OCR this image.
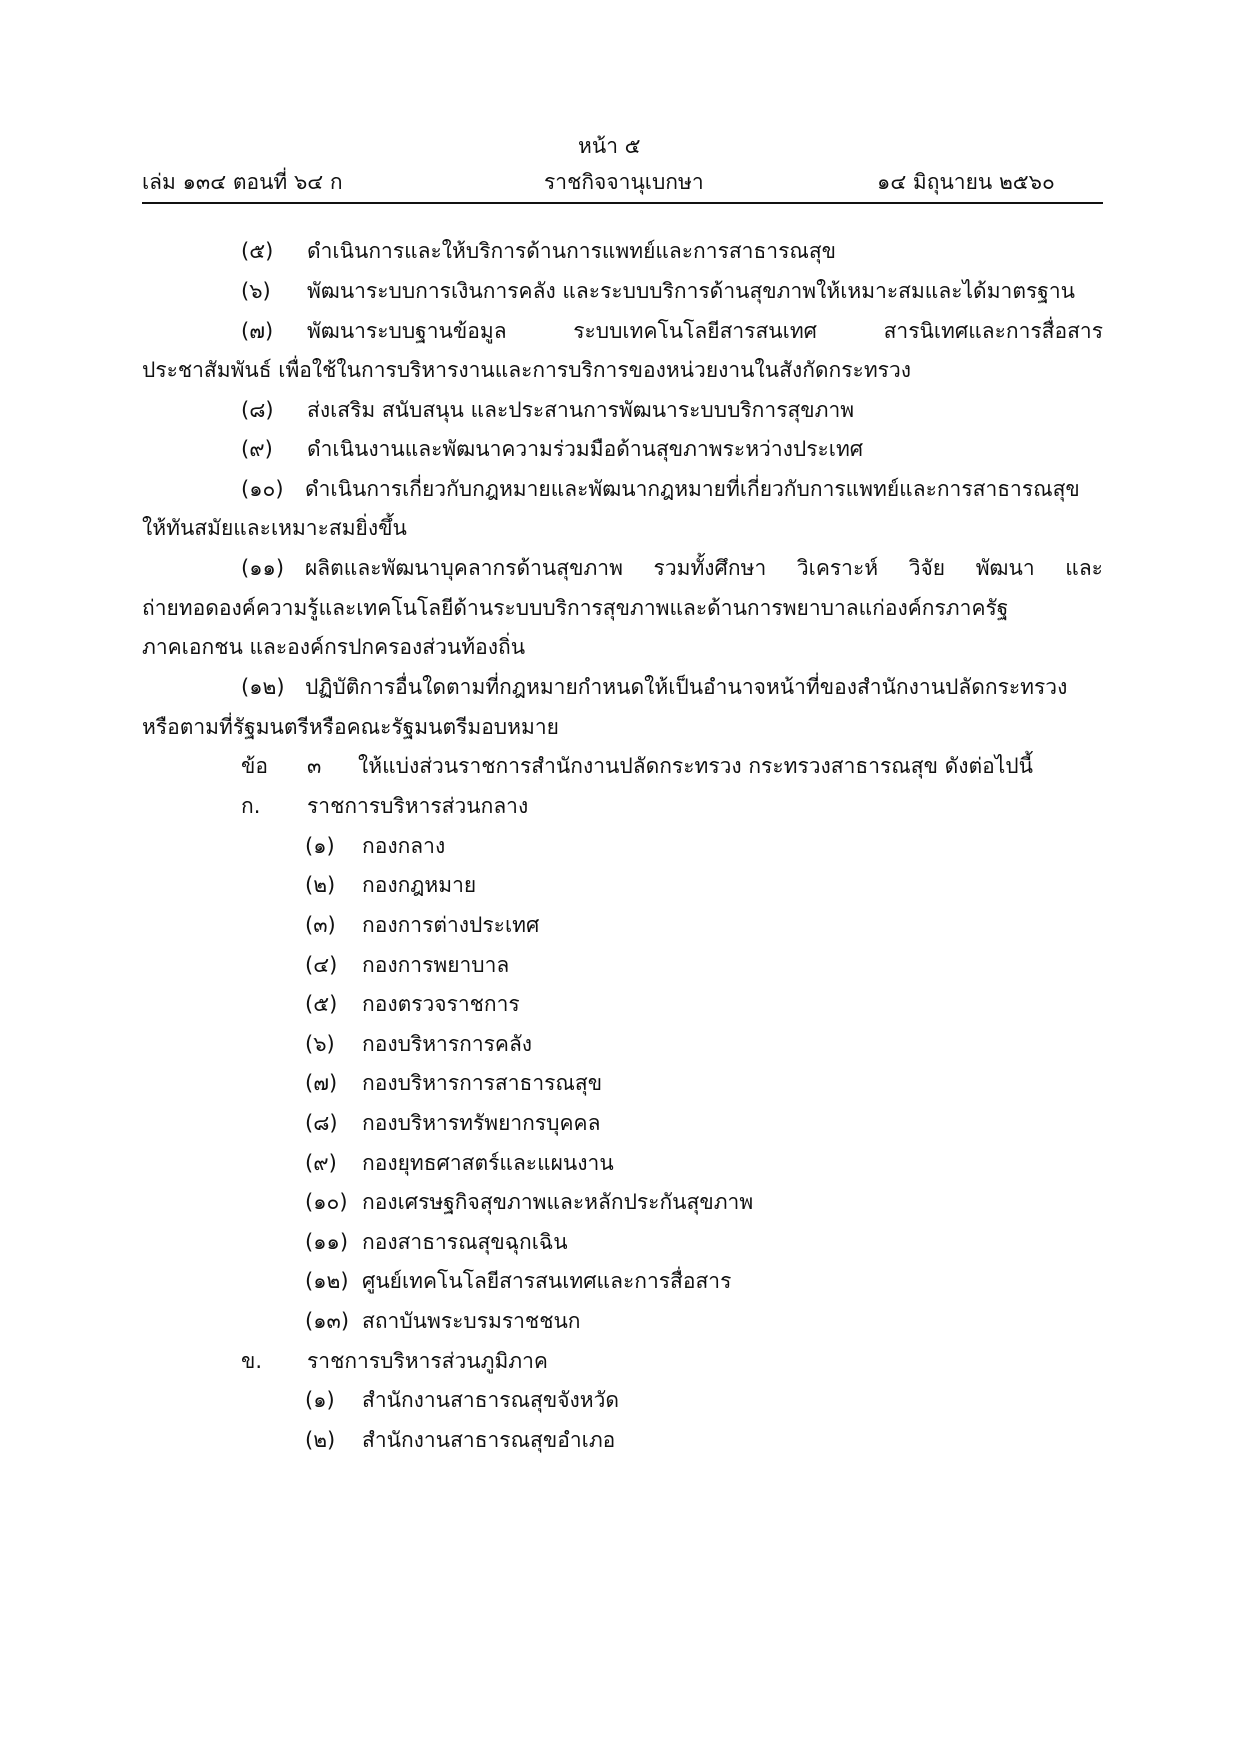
หน้า ๕
เล่ม ๑๓๔ ตอนที่ ๖๔ ก	ราชกิจจานุเบกษา	๑๔ มิถุนายน ๒๕๖๐
(๕) ดำเนินการและให้บริการด้านการแพทย์และการสาธารณสุข
(๖) พัฒนาระบบการเงินการคลัง และระบบบริการด้านสุขภาพให้เหมาะสมและได้มาตรฐาน
(๗) พัฒนาระบบฐานข้อมูล	ระบบเทคโนโลยีสารสนเทศ	สารนิเทศและการสื่อสาร
ประชาสัมพันธ์ เพื่อใช้ในการบริหารงานและการบริการของหน่วยงานในสังกัดกระทรวง
(๘) ส่งเสริม สนับสนุน และประสานการพัฒนาระบบบริการสุขภาพ
(๙) ดำเนินงานและพัฒนาความร่วมมือด้านสุขภาพระหว่างประเทศ
(๑๐) ดำเนินการเกี่ยวกับกฎหมายและพัฒนากฎหมายที่เกี่ยวกับการแพทย์และการสาธารณสุข
ให้ทันสมัยและเหมาะสมยิ่งขึ้น
(๑๑) ผลิตและพัฒนาบุคลากรด้านสุขภาพ รวมทั้งศึกษา วิเคราะห์ วิจัย พัฒนา และ
ถ่ายทอดองค์ความรู้และเทคโนโลยีด้านระบบบริการสุขภาพและด้านการพยาบาลแก่องค์กรภาครัฐ
ภาคเอกชน และองค์กรปกครองส่วนท้องถิ่น
(๑๒) ปฏิบัติการอื่นใดตามที่กฎหมายกำหนดให้เป็นอำนาจหน้าที่ของสำนักงานปลัดกระทรวง
หรือตามที่รัฐมนตรีหรือคณะรัฐมนตรีมอบหมาย
ข้อ ๓ ให้แบ่งส่วนราชการสำนักงานปลัดกระทรวง กระทรวงสาธารณสุข ดังต่อไปนี้
ก. ราชการบริหารส่วนกลาง
(๑) กองกลาง
(๒) กองกฎหมาย
(๓) กองการต่างประเทศ
(๔) กองการพยาบาล
(๕) กองตรวจราชการ
(๖) กองบริหารการคลัง
(๗) กองบริหารการสาธารณสุข
(๘) กองบริหารทรัพยากรบุคคล
(๙) กองยุทธศาสตร์และแผนงาน
(๑๐) กองเศรษฐกิจสุขภาพและหลักประกันสุขภาพ
(๑๑) กองสาธารณสุขฉุกเฉิน
(๑๒) ศูนย์เทคโนโลยีสารสนเทศและการสื่อสาร
(๑๓) สถาบันพระบรมราชชนก
ข. ราชการบริหารส่วนภูมิภาค
(๑) สำนักงานสาธารณสุขจังหวัด
(๒) สำนักงานสาธารณสุขอำเภอ
